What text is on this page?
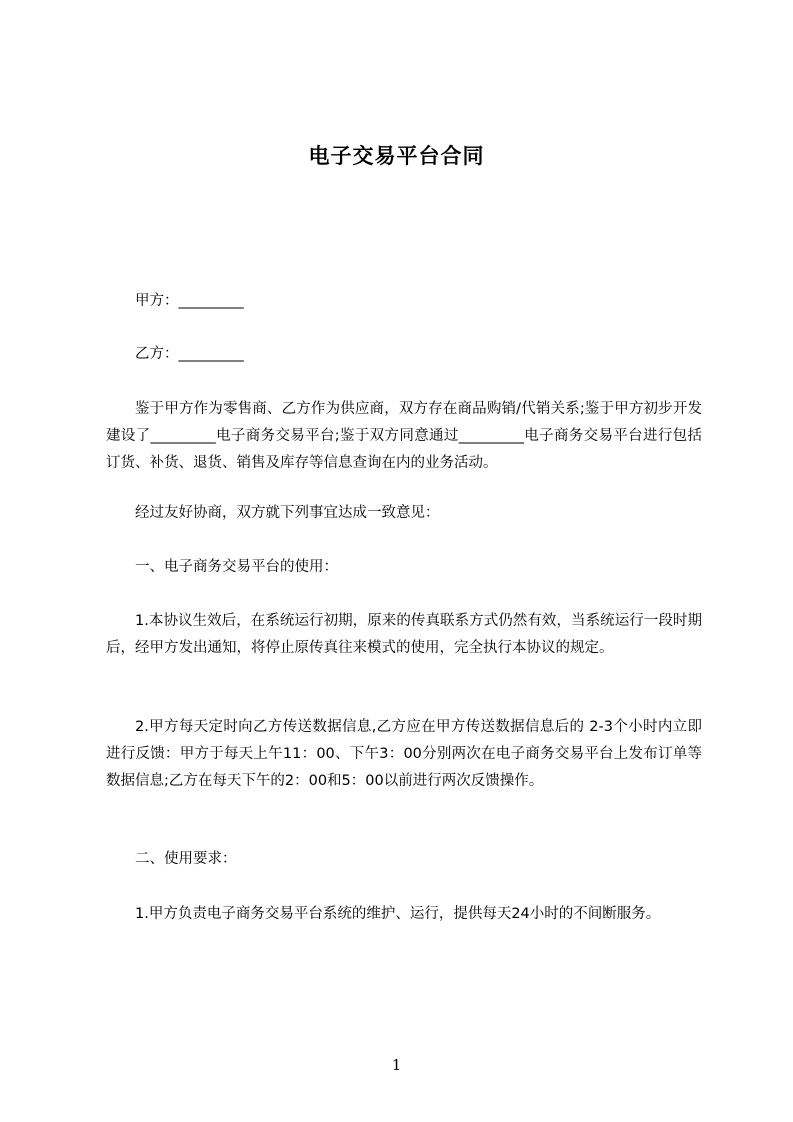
电子交易平台合同

甲方：_________

乙方：_________

鉴于甲方作为零售商、乙方作为供应商，双方存在商品购销/代销关系;鉴于甲方初步开发建设了_________电子商务交易平台;鉴于双方同意通过_________电子商务交易平台进行包括订货、补货、退货、销售及库存等信息查询在内的业务活动。

经过友好协商，双方就下列事宜达成一致意见：

一、电子商务交易平台的使用：

1.本协议生效后，在系统运行初期，原来的传真联系方式仍然有效，当系统运行一段时期后，经甲方发出通知，将停止原传真往来模式的使用，完全执行本协议的规定。

2.甲方每天定时向乙方传送数据信息,乙方应在甲方传送数据信息后的 2-3个小时内立即进行反馈：甲方于每天上午11：00、下午3：00分别两次在电子商务交易平台上发布订单等数据信息;乙方在每天下午的2：00和5：00以前进行两次反馈操作。

二、使用要求：

1.甲方负责电子商务交易平台系统的维护、运行，提供每天24小时的不间断服务。

1
